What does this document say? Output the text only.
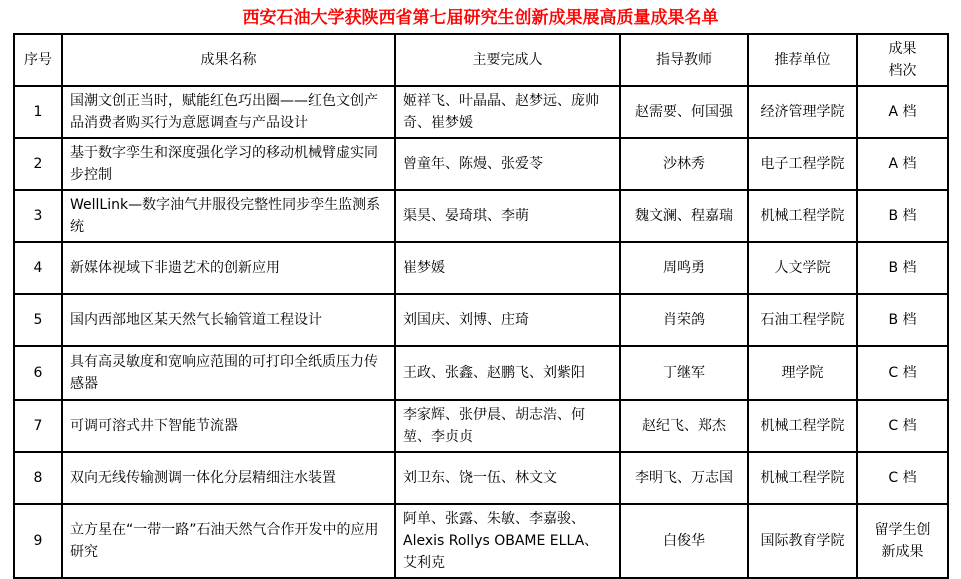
西安石油大学获陕西省第七届研究生创新成果展高质量成果名单
序号	成果名称	主要完成人	指导教师	推荐单位	成果档次

1	国潮文创正当时，赋能红色巧出圈——红色文创产品消费者购买行为意愿调查与产品设计	姬祥飞、叶晶晶、赵梦远、庞帅奇、崔梦媛	赵需要、何国强	经济管理学院	A 档

2	基于数字孪生和深度强化学习的移动机械臂虚实同步控制	曾童年、陈熳、张爱苓	沙林秀	电子工程学院	A 档

3	WellLink—数字油气井服役完整性同步孪生监测系统	渠昊、晏琦琪、李萌	魏文澜、程嘉瑞	机械工程学院	B 档

4	新媒体视域下非遗艺术的创新应用	崔梦媛	周鸣勇	人文学院	B 档

5	国内西部地区某天然气长输管道工程设计	刘国庆、刘博、庄琦	肖荣鸽	石油工程学院	B 档

6	具有高灵敏度和宽响应范围的可打印全纸质压力传感器	王政、张鑫、赵鹏飞、刘紫阳	丁继军	理学院	C 档

7	可调可溶式井下智能节流器	李家辉、张伊晨、胡志浩、何堃、李贞贞	赵纪飞、郑杰	机械工程学院	C 档

8	双向无线传输测调一体化分层精细注水装置	刘卫东、饶一伍、林文文	李明飞、万志国	机械工程学院	C 档

9	立方星在“一带一路”石油天然气合作开发中的应用研究	阿单、张露、朱敏、李嘉骏、Alexis Rollys OBAME ELLA、艾利克	白俊华	国际教育学院	留学生创新成果
